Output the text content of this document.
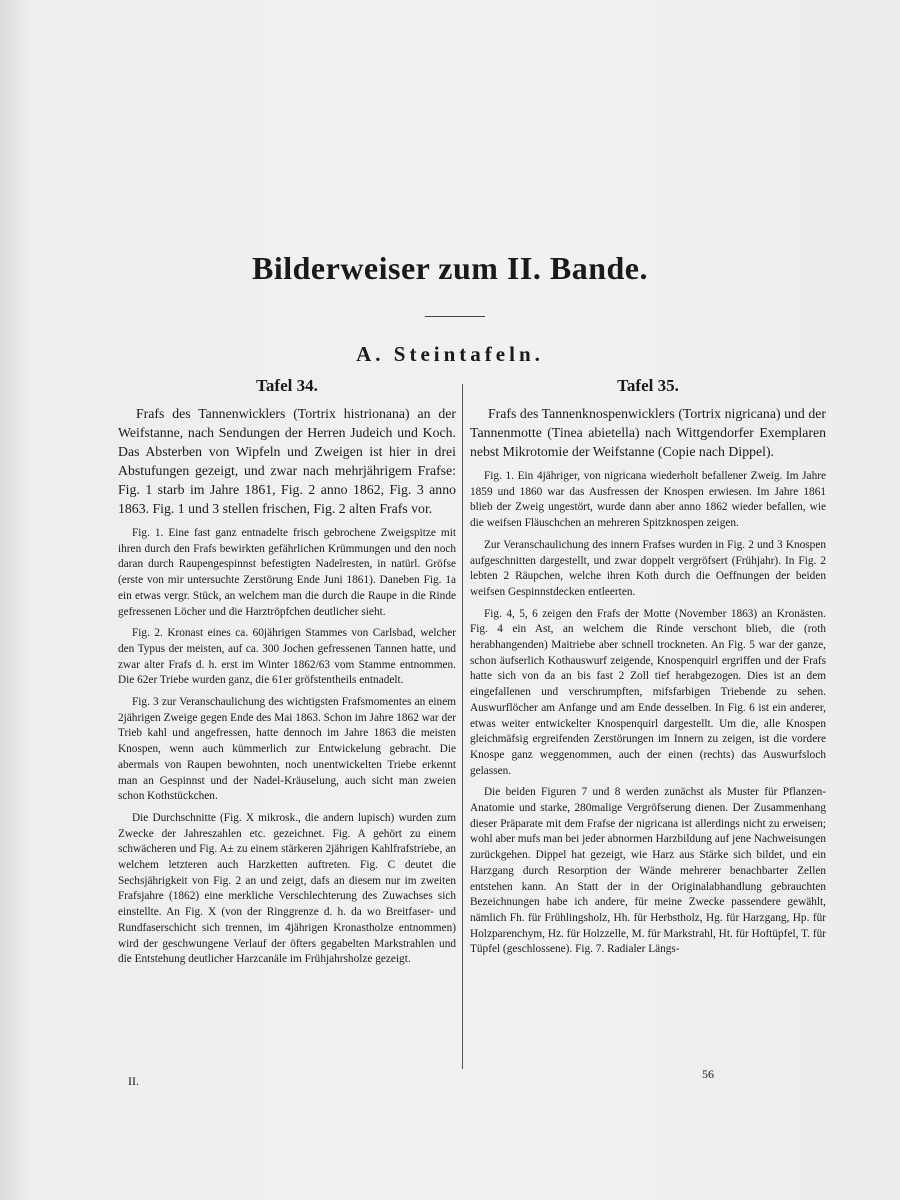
Bilderweiser zum II. Bande.
A. Steintafeln.
Tafel 34.

Frafs des Tannenwicklers (Tortrix histrionana) an der Weifstanne, nach Sendungen der Herren Judeich und Koch. Das Absterben von Wipfeln und Zweigen ist hier in drei Abstufungen gezeigt, und zwar nach mehrjährigem Frafse: Fig. 1 starb im Jahre 1861, Fig. 2 anno 1862, Fig. 3 anno 1863. Fig. 1 und 3 stellen frischen, Fig. 2 alten Frafs vor.

Fig. 1. Eine fast ganz entnadelte frisch gebrochene Zweigspitze mit ihren durch den Frafs bewirkten gefährlichen Krümmungen und den noch daran durch Raupengespinnst befestigten Nadelresten, in natürl. Gröfse (erste von mir untersuchte Zerstörung Ende Juni 1861). Daneben Fig. 1a ein etwas vergr. Stück, an welchem man die durch die Raupe in die Rinde gefressenen Löcher und die Harztröpfchen deutlicher sieht.

Fig. 2. Kronast eines ca. 60jährigen Stammes von Carlsbad, welcher den Typus der meisten, auf ca. 300 Jochen gefressenen Tannen hatte, und zwar alter Frafs d. h. erst im Winter 1862/63 vom Stamme entnommen. Die 62er Triebe wurden ganz, die 61er gröfstentheils entnadelt.

Fig. 3 zur Veranschaulichung des wichtigsten Frafsmomentes an einem 2jährigen Zweige gegen Ende des Mai 1863. Schon im Jahre 1862 war der Trieb kahl und angefressen, hatte dennoch im Jahre 1863 die meisten Knospen, wenn auch kümmerlich zur Entwickelung gebracht. Die abermals von Raupen bewohnten, noch unentwickelten Triebe erkennt man an Gespinnst und der Nadel-Kräuselung, auch sicht man zweien schon Kothstückchen.

Die Durchschnitte (Fig. X mikrosk., die andern lupisch) wurden zum Zwecke der Jahreszahlen etc. gezeichnet. Fig. A gehört zu einem schwächeren und Fig. A± zu einem stärkeren 2jährigen Kahlfrafstriebe, an welchem letzteren auch Harzketten auftreten. Fig. C deutet die Sechsjährigkeit von Fig. 2 an und zeigt, dafs an diesem nur im zweiten Frafsjahre (1862) eine merkliche Verschlechterung des Zuwachses sich einstellte. An Fig. X (von der Ringgrenze d. h. da wo Breitfaser- und Rundfaserschicht sich trennen, im 4jährigen Kronastholze entnommen) wird der geschwungene Verlauf der öfters gegabelten Markstrahlen und die Entstehung deutlicher Harzcanäle im Frühjahrsholze gezeigt.

Tafel 35.

Frafs des Tannenknospenwicklers (Tortrix nigricana) und der Tannenmotte (Tinea abietella) nach Wittgendorfer Exemplaren nebst Mikrotomie der Weifstanne (Copie nach Dippel).

Fig. 1. Ein 4jähriger, von nigricana wiederholt befallener Zweig. Im Jahre 1859 und 1860 war das Ausfressen der Knospen erwiesen. Im Jahre 1861 blieb der Zweig ungestört, wurde dann aber anno 1862 wieder befallen, wie die weifsen Fläuschchen an mehreren Spitzknospen zeigen.

Zur Veranschaulichung des innern Frafses wurden in Fig. 2 und 3 Knospen aufgeschnitten dargestellt, und zwar doppelt vergröfsert (Frühjahr). In Fig. 2 lebten 2 Räupchen, welche ihren Koth durch die Oeffnungen der beiden weifsen Gespinnstdecken entleerten.

Fig. 4, 5, 6 zeigen den Frafs der Motte (November 1863) an Kronästen. Fig. 4 ein Ast, an welchem die Rinde verschont blieb, die (roth herabhangenden) Maitriebe aber schnell trockneten. An Fig. 5 war der ganze, schon äufserlich Kothauswurf zeigende, Knospenquirl ergriffen und der Frafs hatte sich von da an bis fast 2 Zoll tief herabgezogen. Dies ist an dem eingefallenen und verschrumpften, mifsfarbigen Triebende zu sehen. Auswurflöcher am Anfange und am Ende desselben. In Fig. 6 ist ein anderer, etwas weiter entwickelter Knospenquirl dargestellt. Um die, alle Knospen gleichmäfsig ergreifenden Zerstörungen im Innern zu zeigen, ist die vordere Knospe ganz weggenommen, auch der einen (rechts) das Auswurfsloch gelassen.

Die beiden Figuren 7 und 8 werden zunächst als Muster für Pflanzen-Anatomie und starke, 280malige Vergröfserung dienen. Der Zusammenhang dieser Präparate mit dem Frafse der nigricana ist allerdings nicht zu erweisen; wohl aber mufs man bei jeder abnormen Harzbildung auf jene Nachweisungen zurückgehen. Dippel hat gezeigt, wie Harz aus Stärke sich bildet, und ein Harzgang durch Resorption der Wände mehrerer benachbarter Zellen entstehen kann. An Statt der in der Originalabhandlung gebrauchten Bezeichnungen habe ich andere, für meine Zwecke passendere gewählt, nämlich Fh. für Frühlingsholz, Hh. für Herbstholz, Hg. für Harzgang, Hp. für Holzparenchym, Hz. für Holzzelle, M. für Markstrahl, Ht. für Hoftüpfel, T. für Tüpfel (geschlossene). Fig. 7. Radialer Längs-

II.	56
